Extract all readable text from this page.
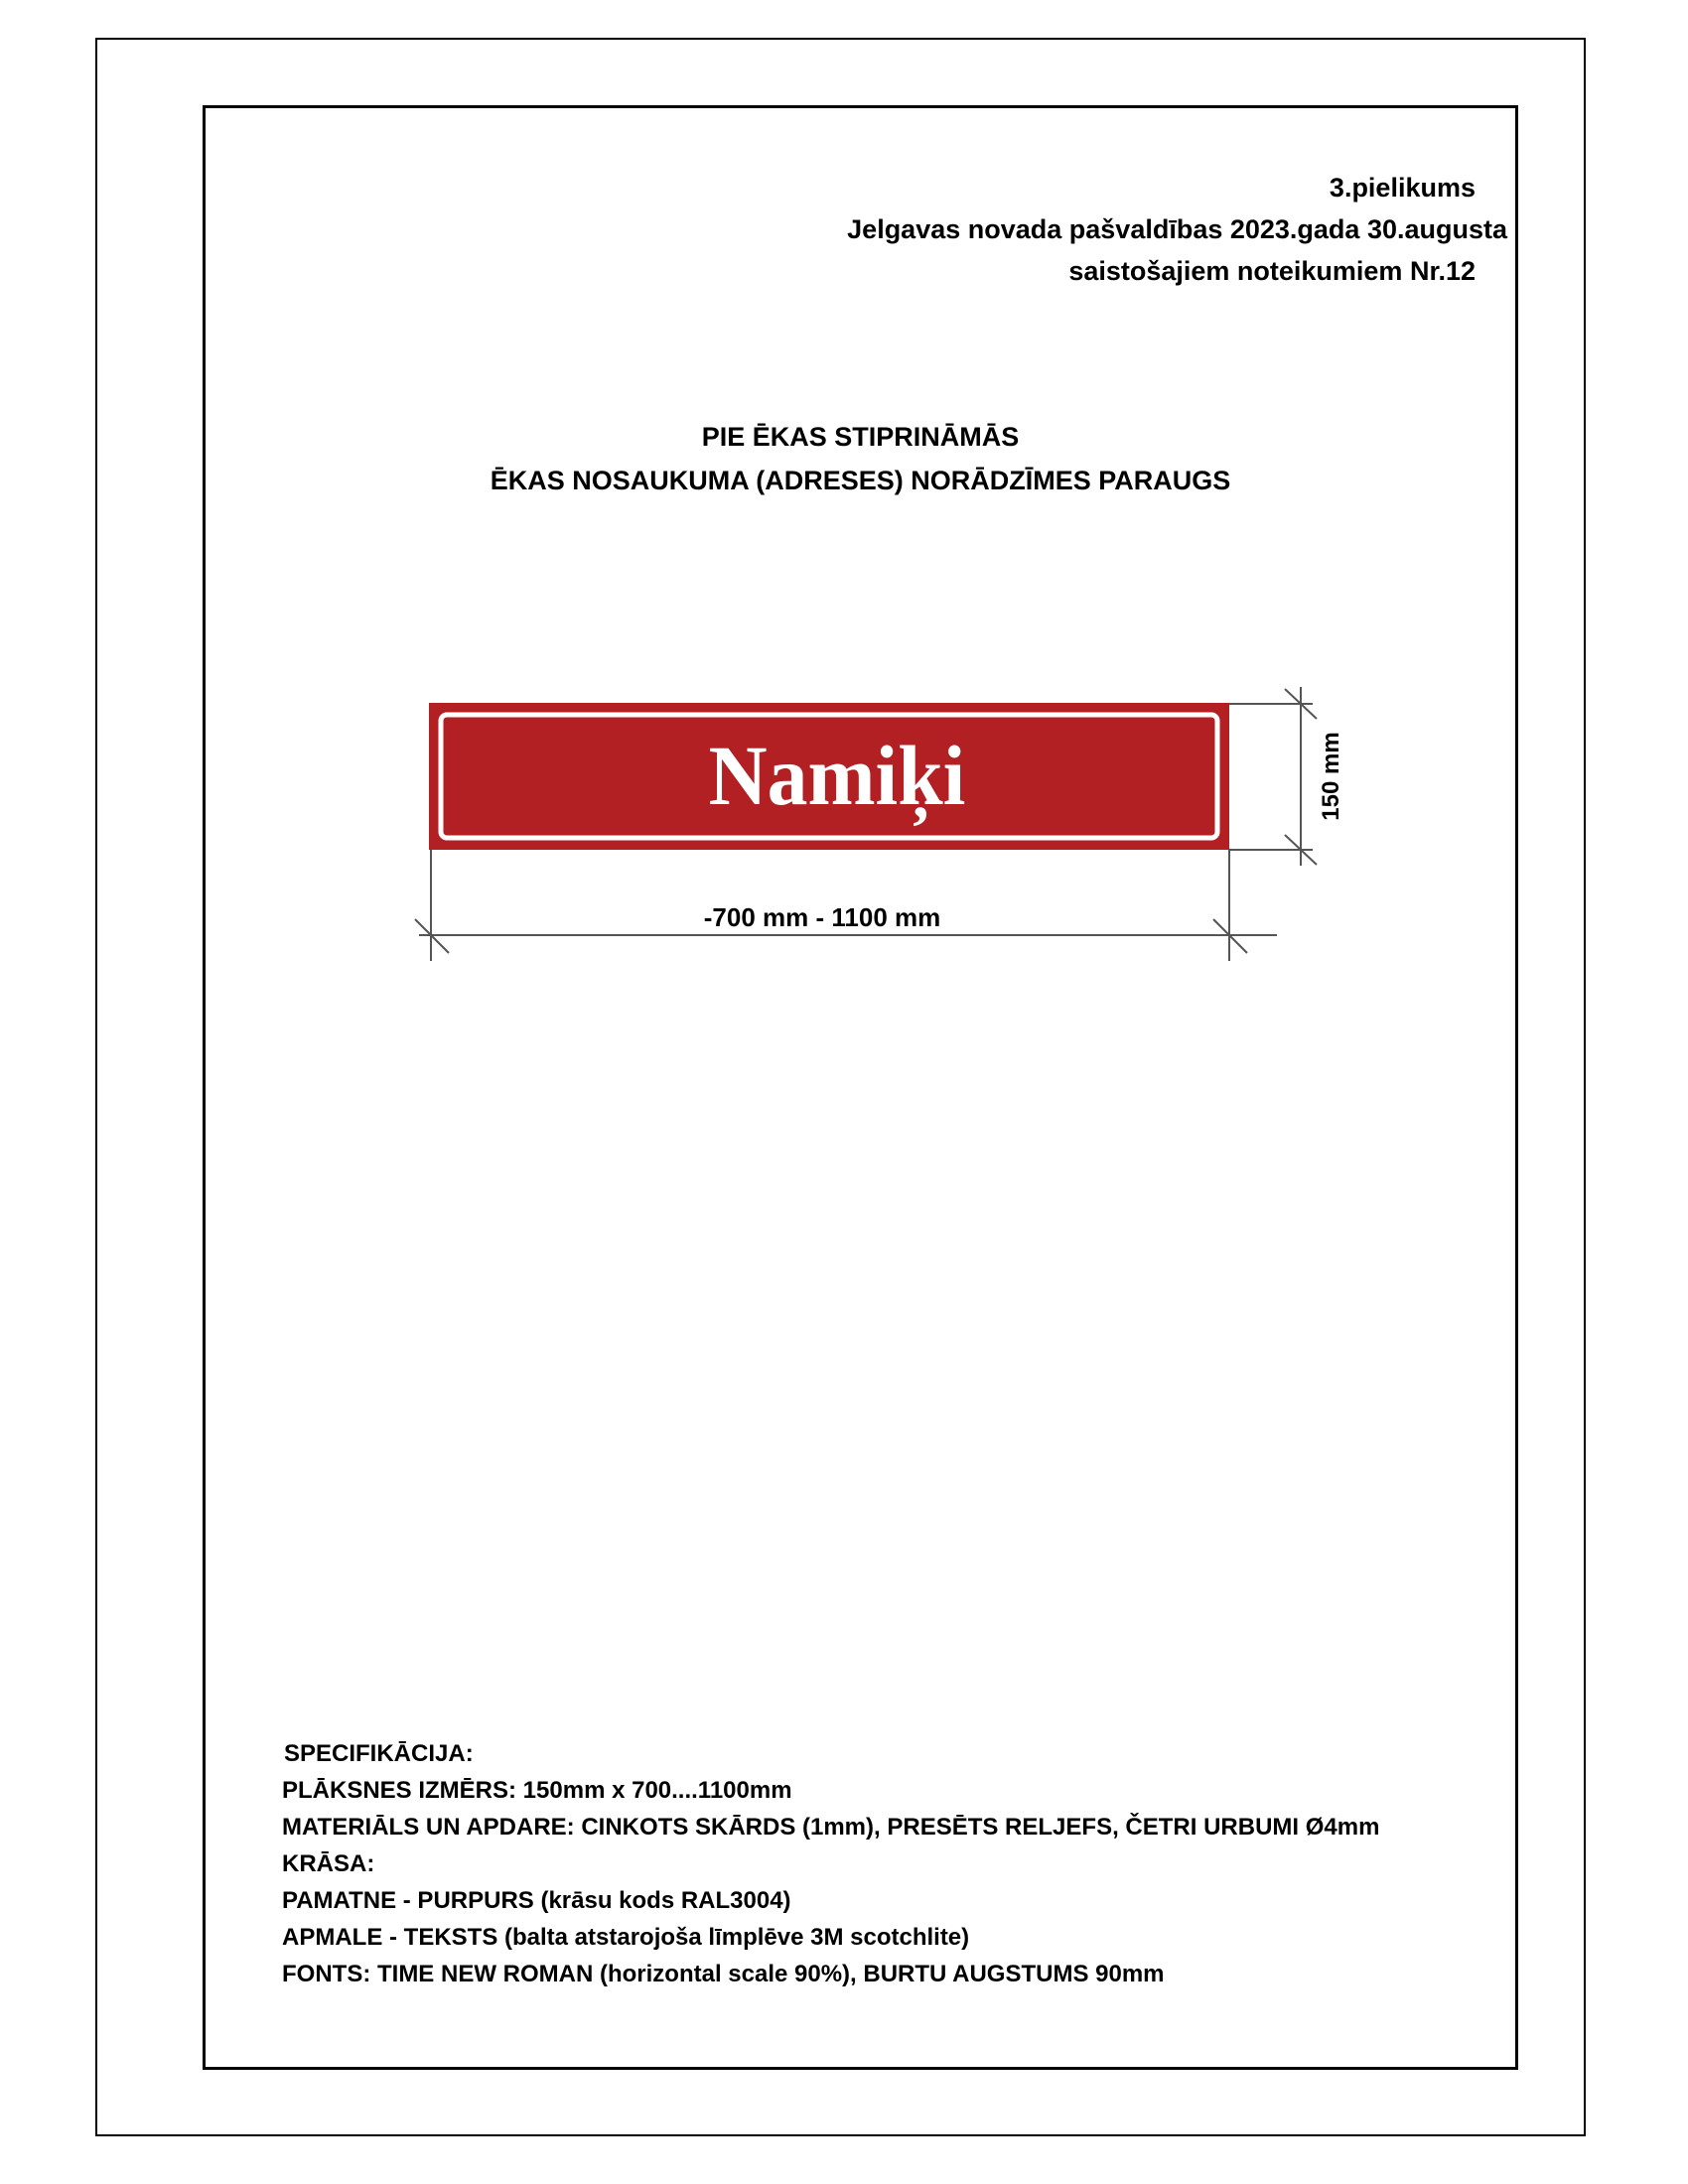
3.pielikums
Jelgavas novada pašvaldības 2023.gada 30.augusta
saistošajiem noteikumiem Nr.12
PIE ĒKAS STIPRINĀMĀS
ĒKAS NOSAUKUMA (ADRESES) NORĀDZĪMES PARAUGS
Namiķi	150 mm
-700 mm - 1100 mm
SPECIFIKĀCIJA:
PLĀKSNES IZMĒRS: 150mm x 700....1100mm
MATERIĀLS UN APDARE: CINKOTS SKĀRDS (1mm), PRESĒTS RELJEFS, ČETRI URBUMI Ø4mm
KRĀSA:
PAMATNE - PURPURS (krāsu kods RAL3004)
APMALE - TEKSTS (balta atstarojoša līmplēve 3M scotchlite)
FONTS: TIME NEW ROMAN (horizontal scale 90%), BURTU AUGSTUMS 90mm
